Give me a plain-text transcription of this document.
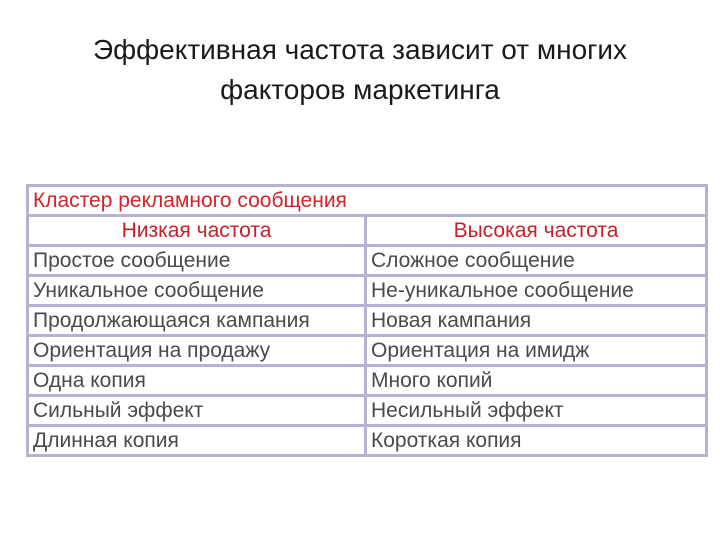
Эффективная частота зависит от многих
факторов маркетинга
Кластер рекламного сообщения	
Низкая частота	Высокая частота
Простое сообщение	Сложное сообщение
Уникальное сообщение	Не-уникальное сообщение
Продолжающаяся кампания	Новая кампания
Ориентация на продажу	Ориентация на имидж
Одна копия	Много копий
Сильный эффект	Несильный эффект
Длинная копия	Короткая копия
